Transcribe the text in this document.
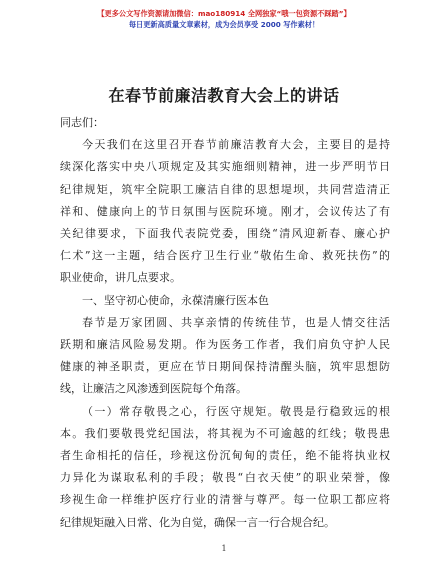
【更多公文写作资源请加微信：mao180914 全网独家“哦一包资源不踩踏”】
每日更新高质量文章素材，成为会员享受 2000 写作素材！
在春节前廉洁教育大会上的讲话

同志们：

今天我们在这里召开春节前廉洁教育大会，主要目的是持
续深化落实中央八项规定及其实施细则精神，进一步严明节日
纪律规矩，筑牢全院职工廉洁自律的思想堤坝，共同营造清正
祥和、健康向上的节日氛围与医院环境。刚才，会议传达了有
关纪律要求，下面我代表院党委，围绕“清风迎新春、廉心护
仁术”这一主题，结合医疗卫生行业“敬佑生命、救死扶伤”的
职业使命，讲几点要求。
一、坚守初心使命，永葆清廉行医本色
春节是万家团圆、共享亲情的传统佳节，也是人情交往活
跃期和廉洁风险易发期。作为医务工作者，我们肩负守护人民
健康的神圣职责，更应在节日期间保持清醒头脑，筑牢思想防
线，让廉洁之风渗透到医院每个角落。
（一）常存敬畏之心，行医守规矩。敬畏是行稳致远的根
本。我们要敬畏党纪国法，将其视为不可逾越的红线；敬畏患
者生命相托的信任，珍视这份沉甸甸的责任，绝不能将执业权
力异化为谋取私利的手段；敬畏“白衣天使”的职业荣誉，像
珍视生命一样维护医疗行业的清誉与尊严。每一位职工都应将
纪律规矩融入日常、化为自觉，确保一言一行合规合纪。
1
